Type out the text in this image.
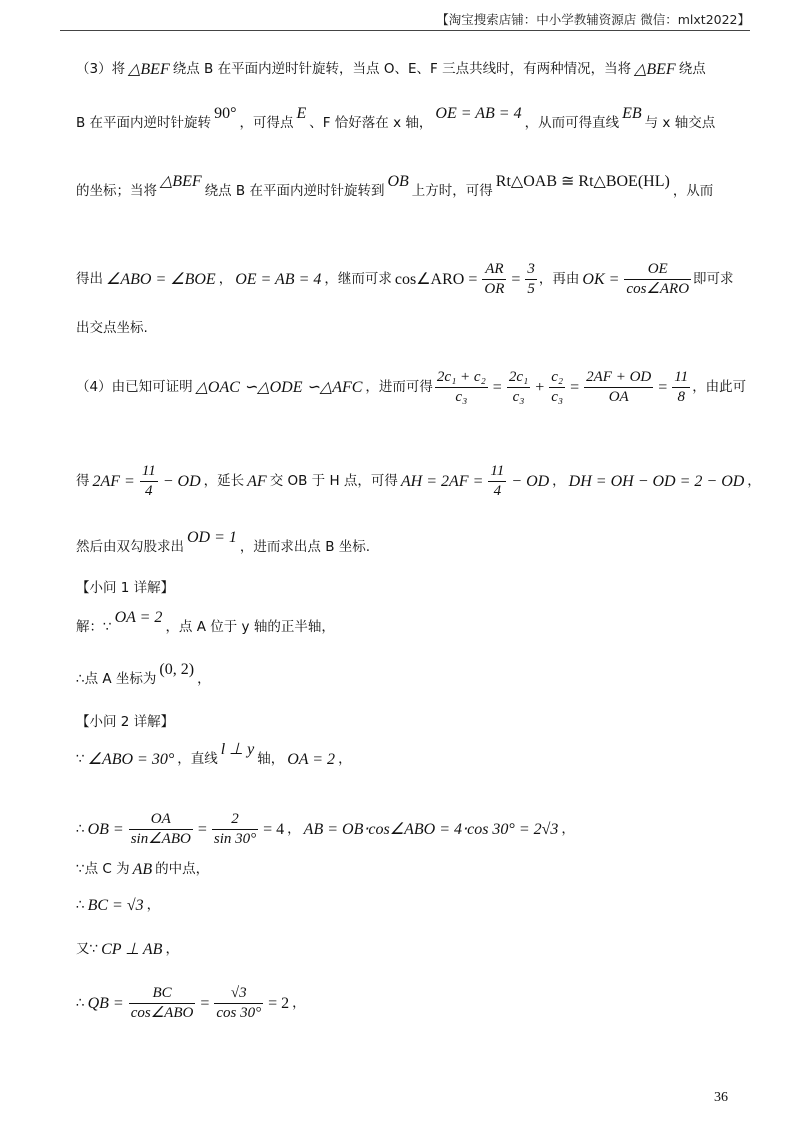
【淘宝搜索店铺：中小学教辅资源店 微信：mlxt2022】
（3）将 △BEF 绕点 B 在平面内逆时针旋转，当点 O、E、F 三点共线时，有两种情况，当将 △BEF 绕点
B 在平面内逆时针旋转
90°
，可得点
E
、F 恰好落在 x 轴，
OE = AB = 4
，从而可得直线
EB
与 x 轴交点
的坐标；当将
△BEF
绕点 B 在平面内逆时针旋转到
OB
上方时，可得
Rt△OAB ≅ Rt△BOE(HL)
，从而
得出 ∠ABO = ∠BOE ， OE = AB = 4 ，继而可求 cos∠ARO = $\frac{AR}{OR} = \frac{3}{5}$ ，再由 OK = $\frac{OE}{\text{cos∠ARO}}$ 即可求
出交点坐标.
（4）由已知可证明 △OAC ∽△ODE ∽△AFC ，进而可得 $\frac{\text{2c₁ + c₂}}{\text{c₃}} = \frac{\text{2c₁}}{\text{c₃}} + \frac{\text{c₂}}{\text{c₃}} = \frac{2AF + OD}{OA} = \frac{11}{8}$ ，由此可
得 $2AF = \frac{11}{4}$ − OD ，延长 AF 交 OB 于 H 点，可得 AH = $2AF = \frac{11}{4}$ − OD ， DH = OH − OD = 2 − OD ，
然后由双勾股求出
OD = 1
，进而求出点 B 坐标.
【小问 1 详解】
解：∵
OA = 2
，点 A 位于 y 轴的正半轴，
∴点 A 坐标为
(0, 2)
，
【小问 2 详解】
∵ ∠ABO = 30° ，直线
l ⊥ y
轴， OA = 2 ，
∴ OB = $\frac{OA}{\text{sin∠ABO}} = \frac{2}{\sin 30^\circ} = 4$ ， AB = OB⋅cos∠ABO = 4⋅cos 30° = 2√3 ，
∵点 C 为 AB 的中点，
∴ BC = √3 ，
又∵ CP ⊥ AB ，
∴ QB = $\frac{BC}{\text{cos∠ABO}} = \frac{√3}{\cos 30^\circ} = 2$ ，
36
